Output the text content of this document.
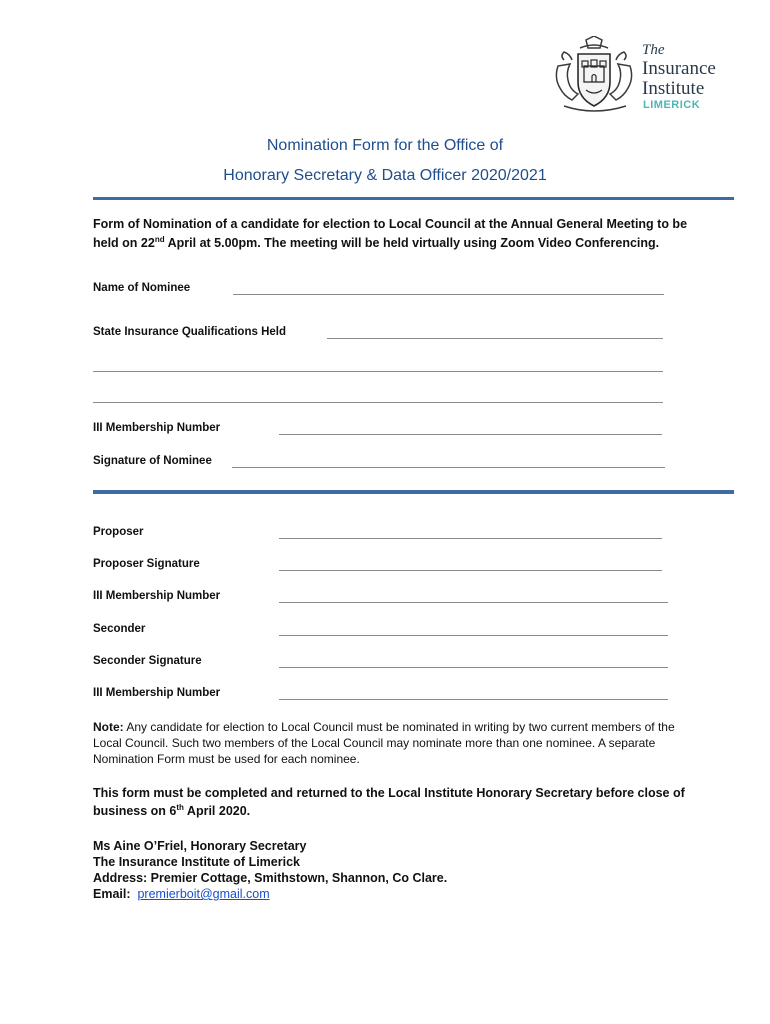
The
Insurance
Institute
LIMERICK
Nomination Form for the Office of
Honorary Secretary & Data Officer 2020/2021
Form of Nomination of a candidate for election to Local Council at the Annual General Meeting to be held on 22nd April at 5.00pm. The meeting will be held virtually using Zoom Video Conferencing.
Name of Nominee
State Insurance Qualifications Held
III Membership Number
Signature of Nominee
Proposer
Proposer Signature
III Membership Number
Seconder
Seconder Signature
III Membership Number
Note: Any candidate for election to Local Council must be nominated in writing by two current members of the Local Council. Such two members of the Local Council may nominate more than one nominee. A separate Nomination Form must be used for each nominee.
This form must be completed and returned to the Local Institute Honorary Secretary before close of business on 6th April 2020.
Ms Aine O’Friel, Honorary Secretary
The Insurance Institute of Limerick
Address: Premier Cottage, Smithstown, Shannon, Co Clare.
Email: premierboit@gmail.com
